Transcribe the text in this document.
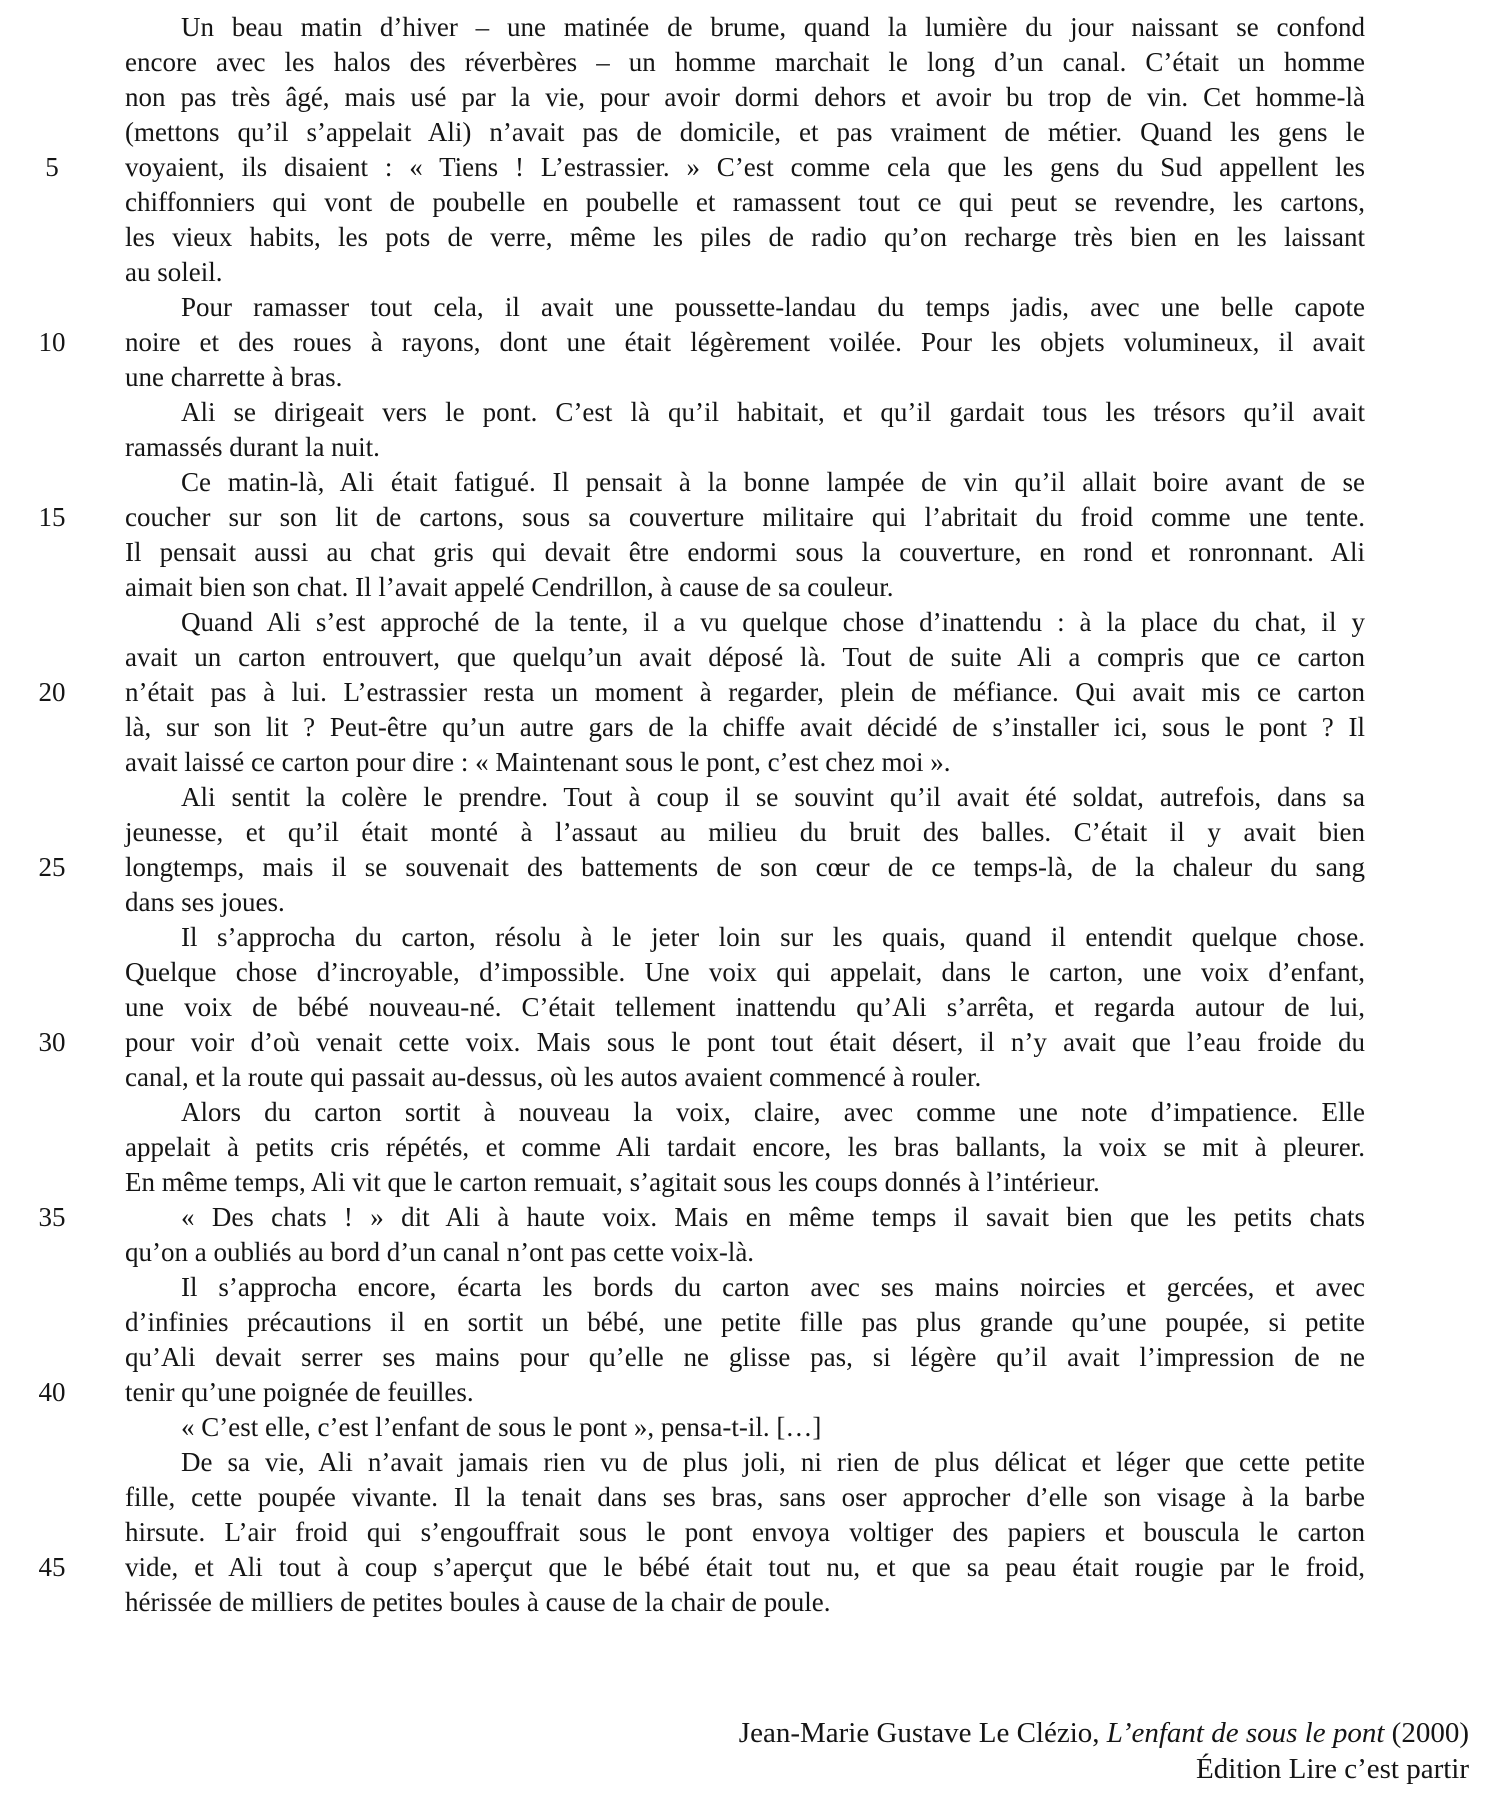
5
10
15
20
25
30
35
40
45
Un beau matin d’hiver – une matinée de brume, quand la lumière du jour naissant se confond
encore avec les halos des réverbères – un homme marchait le long d’un canal. C’était un homme
non pas très âgé, mais usé par la vie, pour avoir dormi dehors et avoir bu trop de vin. Cet homme-là
(mettons qu’il s’appelait Ali) n’avait pas de domicile, et pas vraiment de métier. Quand les gens le
voyaient, ils disaient : « Tiens ! L’estrassier. » C’est comme cela que les gens du Sud appellent les
chiffonniers qui vont de poubelle en poubelle et ramassent tout ce qui peut se revendre, les cartons,
les vieux habits, les pots de verre, même les piles de radio qu’on recharge très bien en les laissant
au soleil.
Pour ramasser tout cela, il avait une poussette-landau du temps jadis, avec une belle capote
noire et des roues à rayons, dont une était légèrement voilée. Pour les objets volumineux, il avait
une charrette à bras.
Ali se dirigeait vers le pont. C’est là qu’il habitait, et qu’il gardait tous les trésors qu’il avait
ramassés durant la nuit.
Ce matin-là, Ali était fatigué. Il pensait à la bonne lampée de vin qu’il allait boire avant de se
coucher sur son lit de cartons, sous sa couverture militaire qui l’abritait du froid comme une tente.
Il pensait aussi au chat gris qui devait être endormi sous la couverture, en rond et ronronnant. Ali
aimait bien son chat. Il l’avait appelé Cendrillon, à cause de sa couleur.
Quand Ali s’est approché de la tente, il a vu quelque chose d’inattendu : à la place du chat, il y
avait un carton entrouvert, que quelqu’un avait déposé là. Tout de suite Ali a compris que ce carton
n’était pas à lui. L’estrassier resta un moment à regarder, plein de méfiance. Qui avait mis ce carton
là, sur son lit ? Peut-être qu’un autre gars de la chiffe avait décidé de s’installer ici, sous le pont ? Il
avait laissé ce carton pour dire : « Maintenant sous le pont, c’est chez moi ».
Ali sentit la colère le prendre. Tout à coup il se souvint qu’il avait été soldat, autrefois, dans sa
jeunesse, et qu’il était monté à l’assaut au milieu du bruit des balles. C’était il y avait bien
longtemps, mais il se souvenait des battements de son cœur de ce temps-là, de la chaleur du sang
dans ses joues.
Il s’approcha du carton, résolu à le jeter loin sur les quais, quand il entendit quelque chose.
Quelque chose d’incroyable, d’impossible. Une voix qui appelait, dans le carton, une voix d’enfant,
une voix de bébé nouveau-né. C’était tellement inattendu qu’Ali s’arrêta, et regarda autour de lui,
pour voir d’où venait cette voix. Mais sous le pont tout était désert, il n’y avait que l’eau froide du
canal, et la route qui passait au-dessus, où les autos avaient commencé à rouler.
Alors du carton sortit à nouveau la voix, claire, avec comme une note d’impatience. Elle
appelait à petits cris répétés, et comme Ali tardait encore, les bras ballants, la voix se mit à pleurer.
En même temps, Ali vit que le carton remuait, s’agitait sous les coups donnés à l’intérieur.
« Des chats ! » dit Ali à haute voix. Mais en même temps il savait bien que les petits chats
qu’on a oubliés au bord d’un canal n’ont pas cette voix-là.
Il s’approcha encore, écarta les bords du carton avec ses mains noircies et gercées, et avec
d’infinies précautions il en sortit un bébé, une petite fille pas plus grande qu’une poupée, si petite
qu’Ali devait serrer ses mains pour qu’elle ne glisse pas, si légère qu’il avait l’impression de ne
tenir qu’une poignée de feuilles.
« C’est elle, c’est l’enfant de sous le pont », pensa-t-il. […]
De sa vie, Ali n’avait jamais rien vu de plus joli, ni rien de plus délicat et léger que cette petite
fille, cette poupée vivante. Il la tenait dans ses bras, sans oser approcher d’elle son visage à la barbe
hirsute. L’air froid qui s’engouffrait sous le pont envoya voltiger des papiers et bouscula le carton
vide, et Ali tout à coup s’aperçut que le bébé était tout nu, et que sa peau était rougie par le froid,
hérissée de milliers de petites boules à cause de la chair de poule.
Jean-Marie Gustave Le Clézio, L’enfant de sous le pont (2000)
Édition Lire c’est partir
